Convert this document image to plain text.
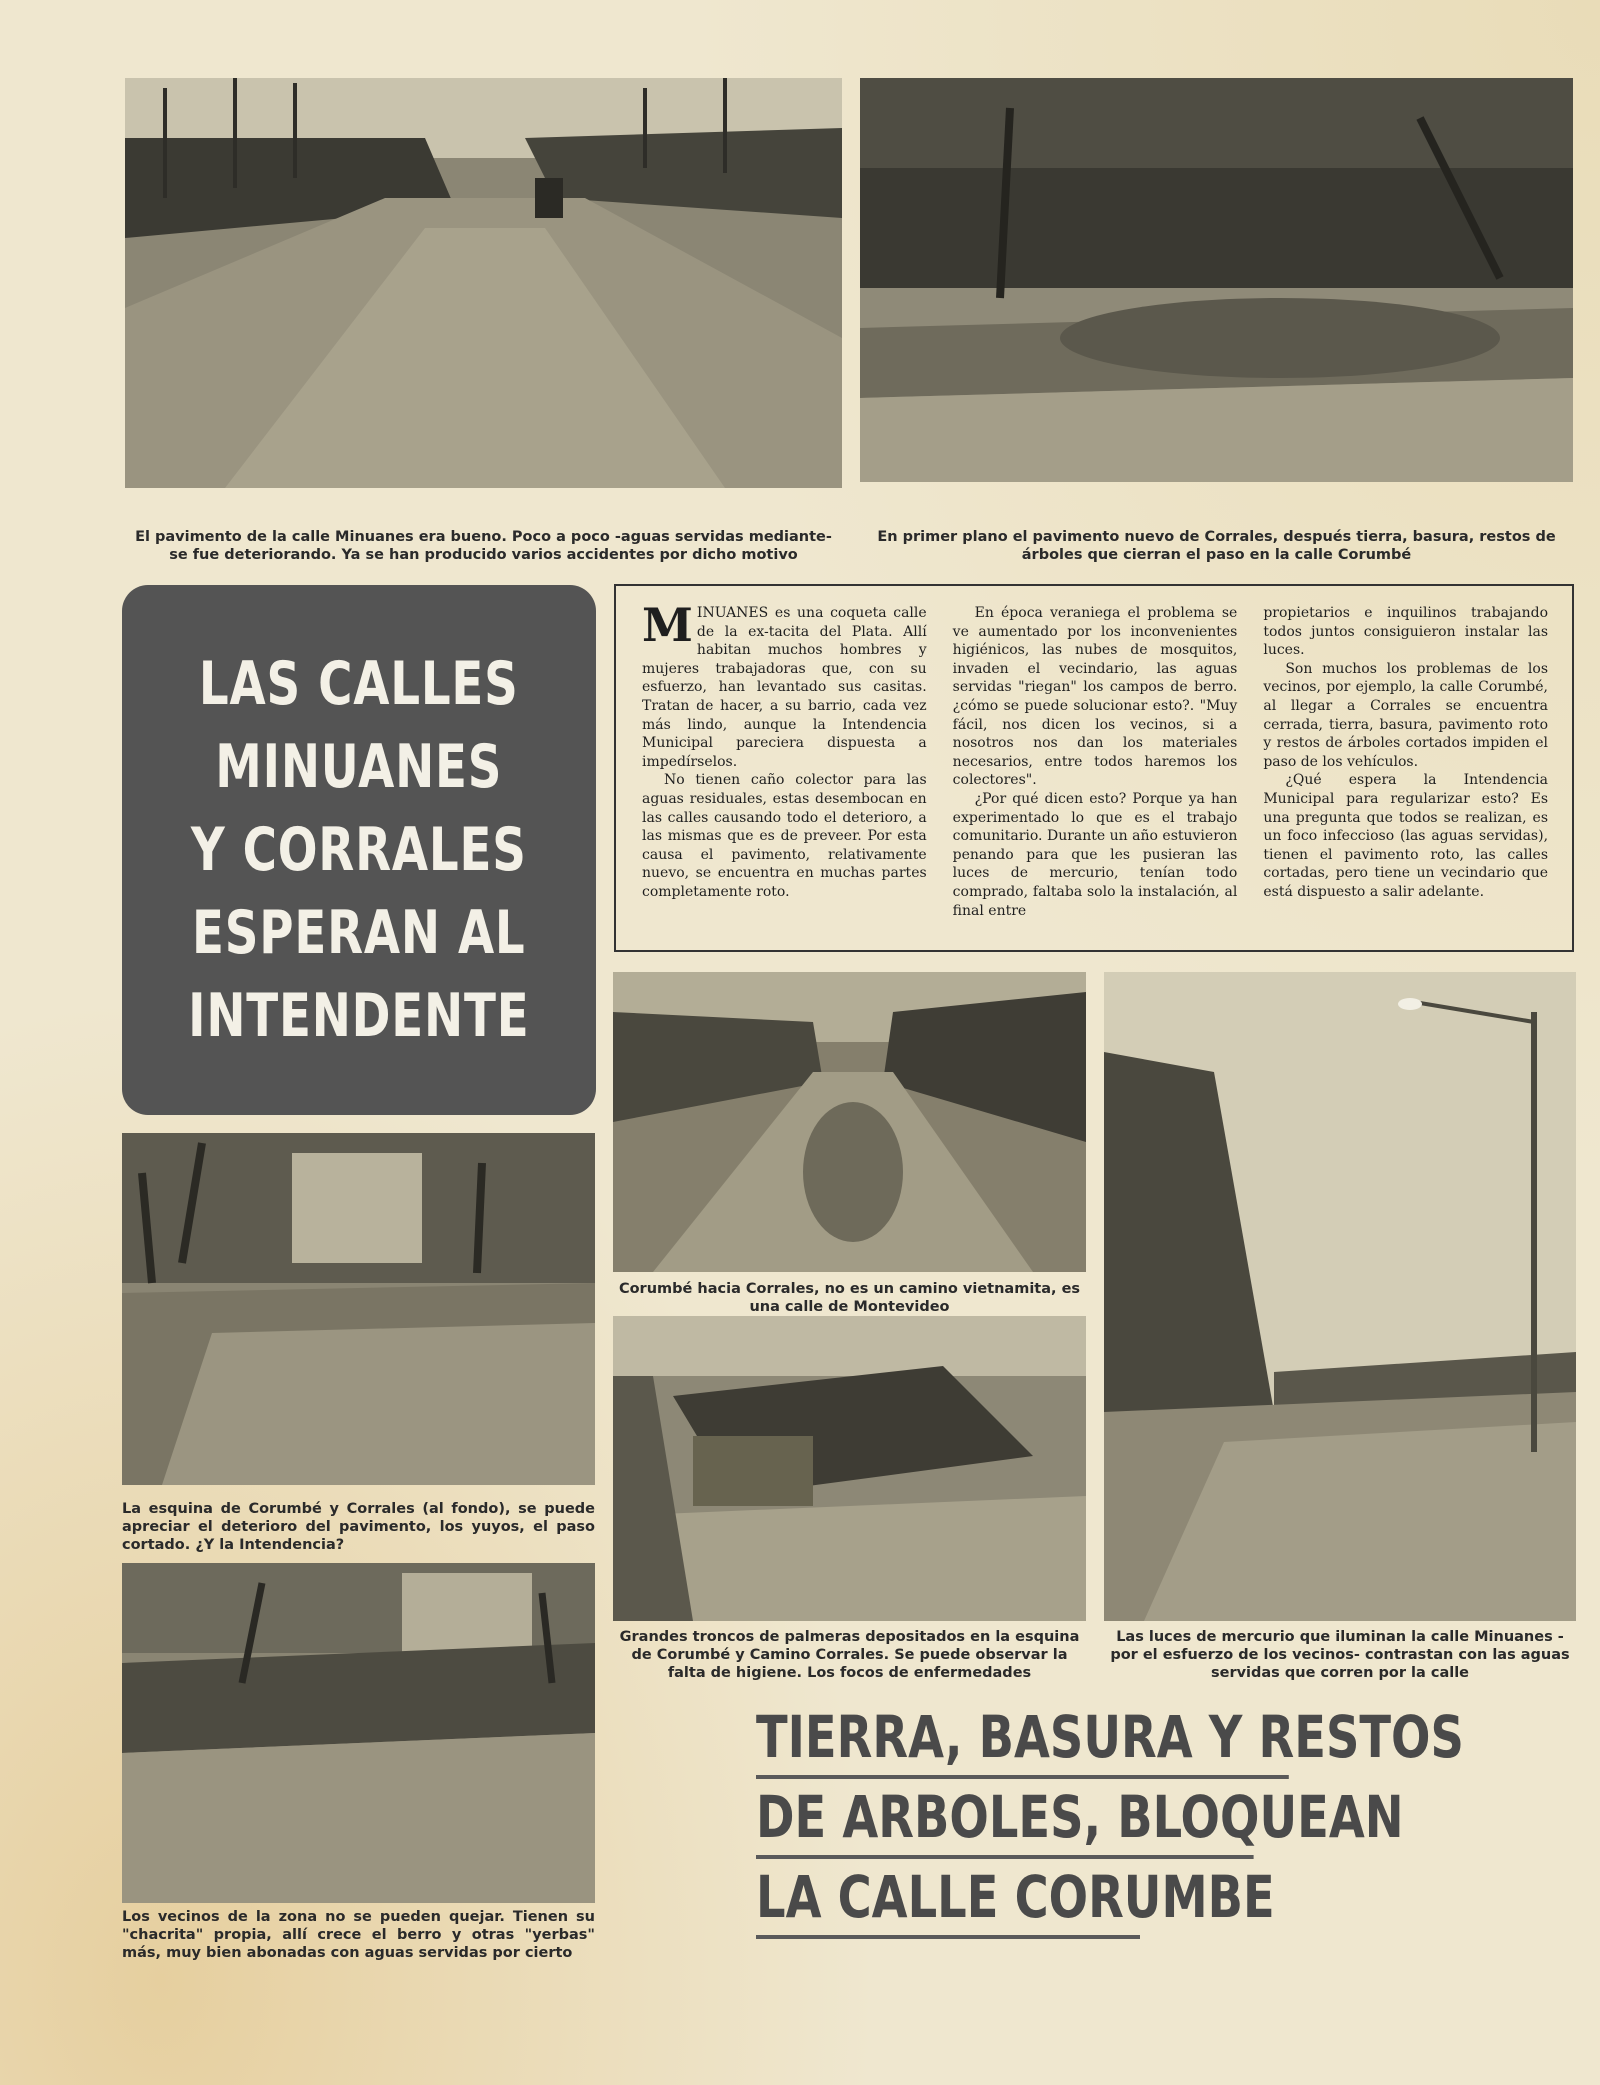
El pavimento de la calle Minuanes era bueno. Poco a poco -aguas servidas mediante- se fue deteriorando. Ya se han producido varios accidentes por dicho motivo

En primer plano el pavimento nuevo de Corrales, después tierra, basura, restos de árboles que cierran el paso en la calle Corumbé

LAS CALLES
MINUANES
Y CORRALES
ESPERAN AL
INTENDENTE

MINUANES es una coqueta calle de la ex-tacita del Plata. Allí habitan muchos hombres y mujeres trabajadoras que, con su esfuerzo, han levantado sus casitas. Tratan de hacer, a su barrio, cada vez más lindo, aunque la Intendencia Municipal pareciera dispuesta a impedírselos.

No tienen caño colector para las aguas residuales, estas desembocan en las calles causando todo el deterioro, a las mismas que es de preveer. Por esta causa el pavimento, relativamente nuevo, se encuentra en muchas partes completamente roto.

En época veraniega el problema se ve aumentado por los inconvenientes higiénicos, las nubes de mosquitos, invaden el vecindario, las aguas servidas "riegan" los campos de berro. ¿cómo se puede solucionar esto?. "Muy fácil, nos dicen los vecinos, si a nosotros nos dan los materiales necesarios, entre todos haremos los colectores".

¿Por qué dicen esto? Porque ya han experimentado lo que es el trabajo comunitario. Durante un año estuvieron penando para que les pusieran las luces de mercurio, tenían todo comprado, faltaba solo la instalación, al final entre

propietarios e inquilinos trabajando todos juntos consiguieron instalar las luces.

Son muchos los problemas de los vecinos, por ejemplo, la calle Corumbé, al llegar a Corrales se encuentra cerrada, tierra, basura, pavimento roto y restos de árboles cortados impiden el paso de los vehículos.

¿Qué espera la Intendencia Municipal para regularizar esto? Es una pregunta que todos se realizan, es un foco infeccioso (las aguas servidas), tienen el pavimento roto, las calles cortadas, pero tiene un vecindario que está dispuesto a salir adelante.

La esquina de Corumbé y Corrales (al fondo), se puede apreciar el deterioro del pavimento, los yuyos, el paso cortado. ¿Y la Intendencia?

Corumbé hacia Corrales, no es un camino vietnamita, es una calle de Montevideo

Grandes troncos de palmeras depositados en la esquina de Corumbé y Camino Corrales. Se puede observar la falta de higiene. Los focos de enfermedades

Las luces de mercurio que iluminan la calle Minuanes -por el esfuerzo de los vecinos- contrastan con las aguas servidas que corren por la calle

Los vecinos de la zona no se pueden quejar. Tienen su "chacrita" propia, allí crece el berro y otras "yerbas" más, muy bien abonadas con aguas servidas por cierto

TIERRA, BASURA Y RESTOS
DE ARBOLES, BLOQUEAN
LA CALLE CORUMBE
